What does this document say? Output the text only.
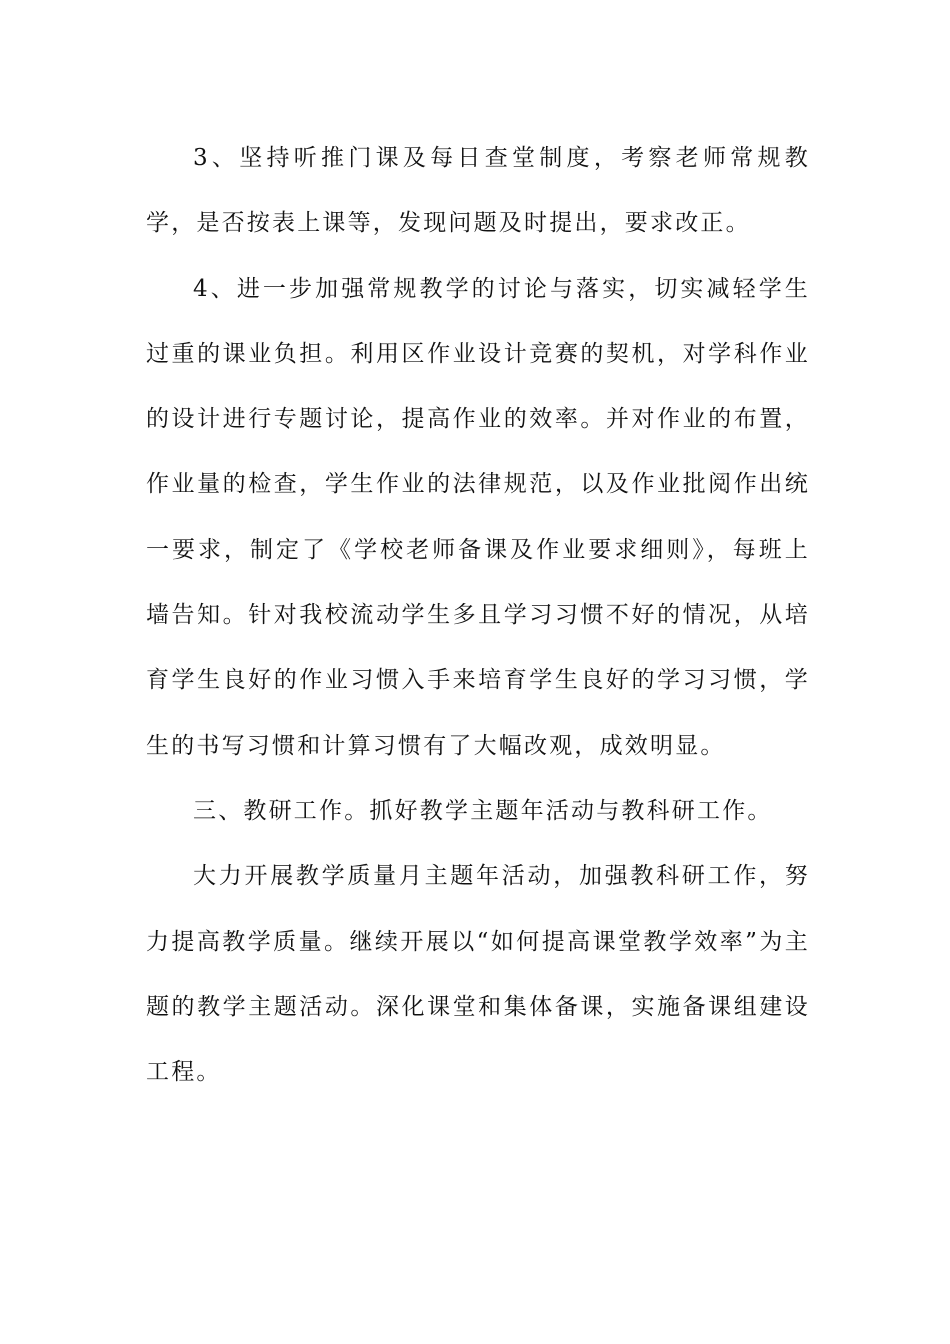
3、坚持听推门课及每日查堂制度，考察老师常规教学，是否按表上课等，发现问题及时提出，要求改正。

4、进一步加强常规教学的讨论与落实，切实减轻学生过重的课业负担。利用区作业设计竞赛的契机，对学科作业的设计进行专题讨论，提高作业的效率。并对作业的布置，作业量的检查，学生作业的法律规范，以及作业批阅作出统一要求，制定了《学校老师备课及作业要求细则》，每班上墙告知。针对我校流动学生多且学习习惯不好的情况，从培育学生良好的作业习惯入手来培育学生良好的学习习惯，学生的书写习惯和计算习惯有了大幅改观，成效明显。

三、教研工作。抓好教学主题年活动与教科研工作。

大力开展教学质量月主题年活动，加强教科研工作，努力提高教学质量。继续开展以“如何提高课堂教学效率”为主题的教学主题活动。深化课堂和集体备课，实施备课组建设工程。
